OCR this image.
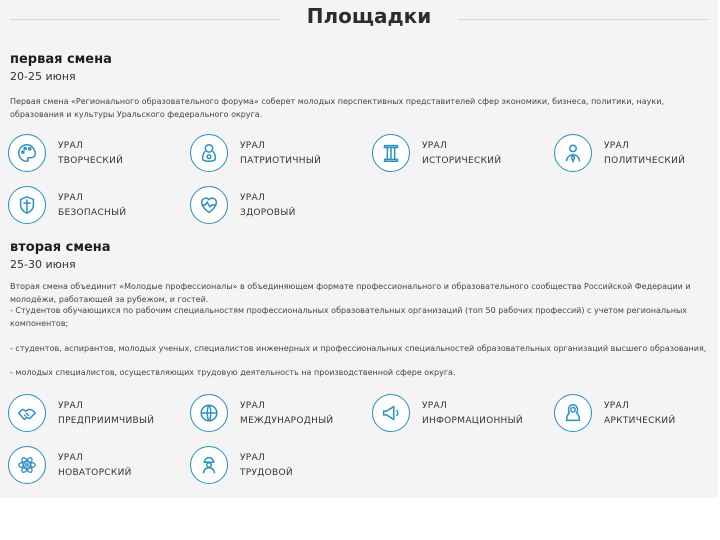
Площадки
первая смена
20-25 июня
Первая смена «Регионального образовательного форума» соберет молодых перспективных представителей сфер экономики, бизнеса, политики, науки, образования и культуры Уральского федерального округа.
УРАЛ
ТВОРЧЕСКИЙ
УРАЛ
ПАТРИОТИЧНЫЙ
УРАЛ
ИСТОРИЧЕСКИЙ
УРАЛ
ПОЛИТИЧЕСКИЙ
УРАЛ
БЕЗОПАСНЫЙ
УРАЛ
ЗДОРОВЫЙ
вторая смена
25-30 июня
Вторая смена объединит «Молодые профессионалы» в объединяющем формате профессионального и образовательного сообщества Российской Федерации и молодёжи, работающей за рубежом, и гостей.
- Студентов обучающихся по рабочим специальностям профессиональных образовательных организаций (топ 50 рабочих профессий) с учетом региональных компонентов;
- студентов, аспирантов, молодых ученых, специалистов инженерных и профессиональных специальностей образовательных организаций высшего образования,
- молодых специалистов, осуществляющих трудовую деятельность на производственной сфере округа.
УРАЛ
ПРЕДПРИИМЧИВЫЙ
УРАЛ
МЕЖДУНАРОДНЫЙ
УРАЛ
ИНФОРМАЦИОННЫЙ
УРАЛ
АРКТИЧЕСКИЙ
УРАЛ
НОВАТОРСКИЙ
УРАЛ
ТРУДОВОЙ
